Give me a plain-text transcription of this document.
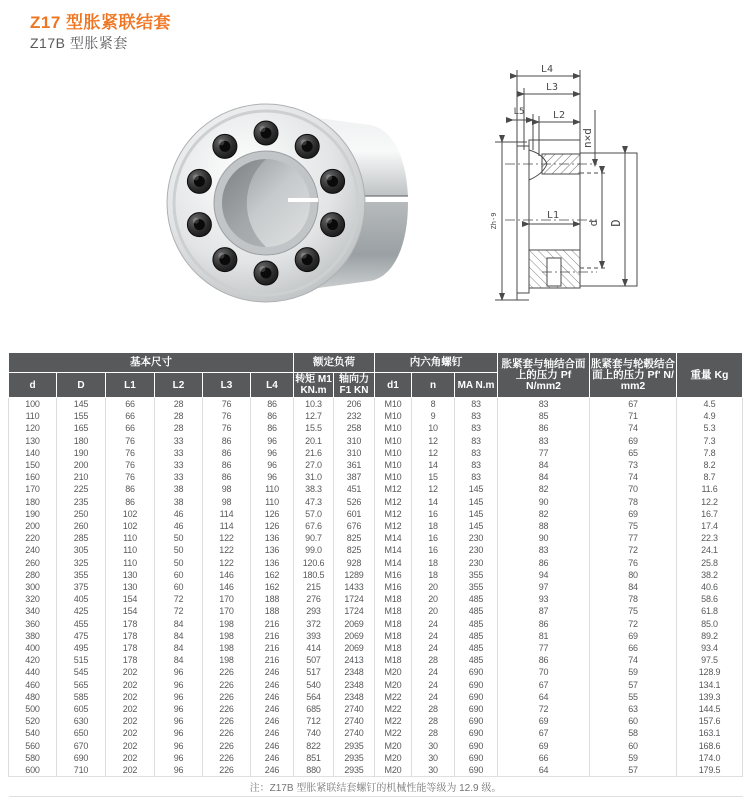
Z17 型胀紧联结套
Z17B 型胀紧套
L4
L3
L5	L2
n×d
L1
d D
Zh-9
基本尺寸						额定负荷		内六角螺钉			胀紧套与轴结合面 上的压力 Pf N/mm2	胀紧套与轮毂结合 面上的压力 Pf' N/ mm2	重量 Kg
d	D	L1	L2	L3	L4	转矩 M1 KN.m	轴向力 F1 KN	d1	n	MA N.m			
100	145	66	28	76	86	10.3	206	M10	8	83	83	67	4.5
110	155	66	28	76	86	12.7	232	M10	9	83	85	71	4.9
120	165	66	28	76	86	15.5	258	M10	10	83	86	74	5.3
130	180	76	33	86	96	20.1	310	M10	12	83	83	69	7.3
140	190	76	33	86	96	21.6	310	M10	12	83	77	65	7.8
150	200	76	33	86	96	27.0	361	M10	14	83	84	73	8.2
160	210	76	33	86	96	31.0	387	M10	15	83	84	74	8.7
170	225	86	38	98	110	38.3	451	M12	12	145	82	70	11.6
180	235	86	38	98	110	47.3	526	M12	14	145	90	78	12.2
190	250	102	46	114	126	57.0	601	M12	16	145	82	69	16.7
200	260	102	46	114	126	67.6	676	M12	18	145	88	75	17.4
220	285	110	50	122	136	90.7	825	M14	16	230	90	77	22.3
240	305	110	50	122	136	99.0	825	M14	16	230	83	72	24.1
260	325	110	50	122	136	120.6	928	M14	18	230	86	76	25.8
280	355	130	60	146	162	180.5	1289	M16	18	355	94	80	38.2
300	375	130	60	146	162	215	1433	M16	20	355	97	84	40.6
320	405	154	72	170	188	276	1724	M18	20	485	93	78	58.6
340	425	154	72	170	188	293	1724	M18	20	485	87	75	61.8
360	455	178	84	198	216	372	2069	M18	24	485	86	72	85.0
380	475	178	84	198	216	393	2069	M18	24	485	81	69	89.2
400	495	178	84	198	216	414	2069	M18	24	485	77	66	93.4
420	515	178	84	198	216	507	2413	M18	28	485	86	74	97.5
440	545	202	96	226	246	517	2348	M20	24	690	70	59	128.9
460	565	202	96	226	246	540	2348	M20	24	690	67	57	134.1
480	585	202	96	226	246	564	2348	M22	24	690	64	55	139.3
500	605	202	96	226	246	685	2740	M22	28	690	72	63	144.5
520	630	202	96	226	246	712	2740	M22	28	690	69	60	157.6
540	650	202	96	226	246	740	2740	M22	28	690	67	58	163.1
560	670	202	96	226	246	822	2935	M20	30	690	69	60	168.6
580	690	202	96	226	246	851	2935	M20	30	690	66	59	174.0
600	710	202	96	226	246	880	2935	M20	30	690	64	57	179.5
注：Z17B 型胀紧联结套螺钉的机械性能等级为 12.9 级。													
